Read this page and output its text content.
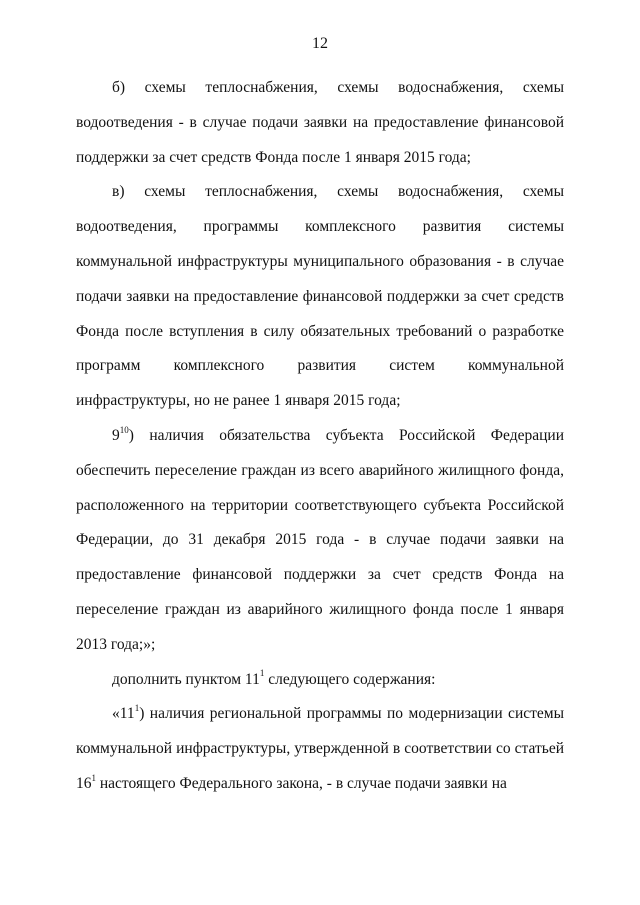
12

б) схемы теплоснабжения, схемы водоснабжения, схемы водоотведения - в случае подачи заявки на предоставление финансовой поддержки за счет средств Фонда после 1 января 2015 года;

в) схемы теплоснабжения, схемы водоснабжения, схемы водоотведения, программы комплексного развития системы коммунальной инфраструктуры муниципального образования - в случае подачи заявки на предоставление финансовой поддержки за счет средств Фонда после вступления в силу обязательных требований о разработке программ комплексного развития систем коммунальной инфраструктуры, но не ранее 1 января 2015 года;

$9^{10}$) наличия обязательства субъекта Российской Федерации обеспечить переселение граждан из всего аварийного жилищного фонда, расположенного на территории соответствующего субъекта Российской Федерации, до 31 декабря 2015 года - в случае подачи заявки на предоставление финансовой поддержки за счет средств Фонда на переселение граждан из аварийного жилищного фонда после 1 января 2013 года;»;

дополнить пунктом $11^1$ следующего содержания:

«$11^1$) наличия региональной программы по модернизации системы коммунальной инфраструктуры, утвержденной в соответствии со статьей $16^1$ настоящего Федерального закона, - в случае подачи заявки на
